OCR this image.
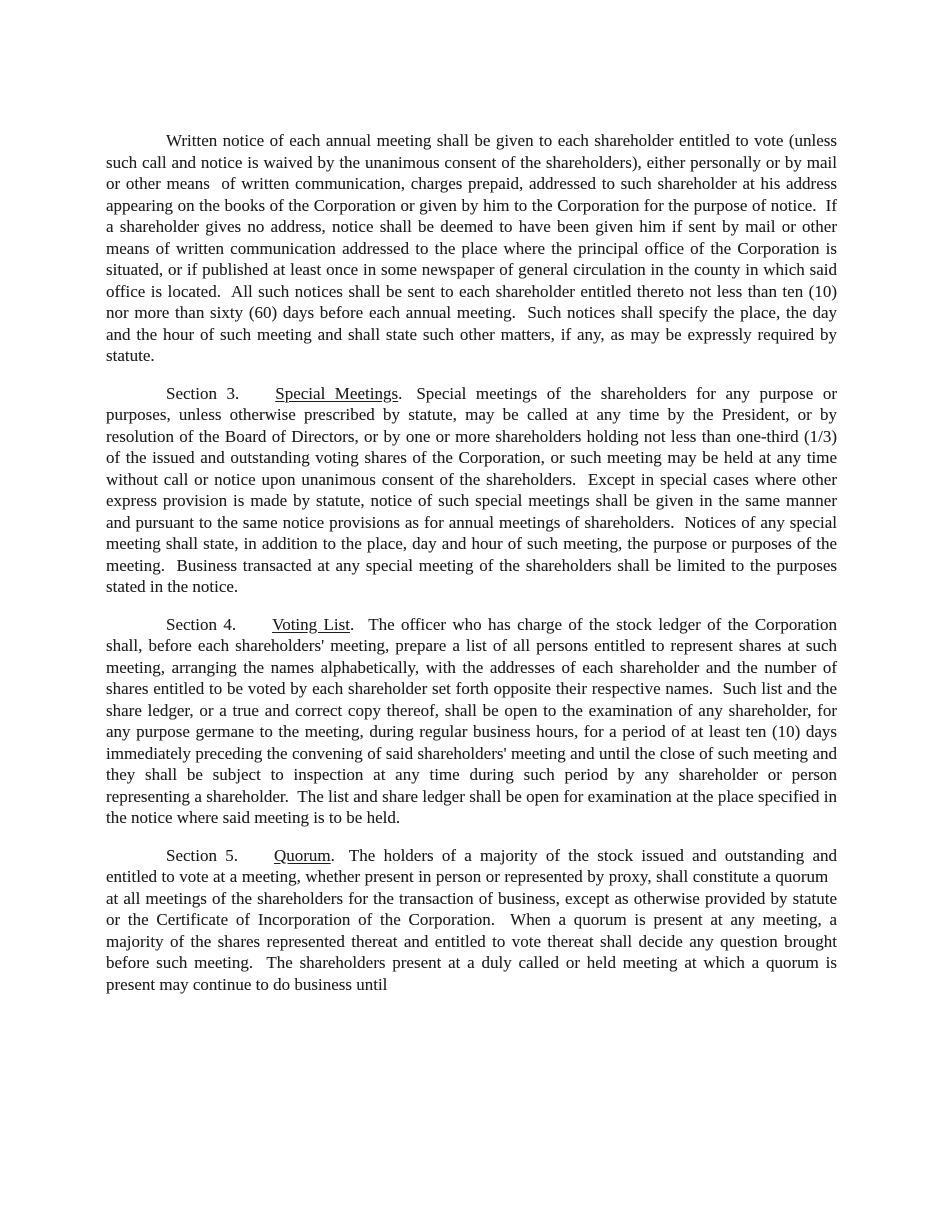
Written notice of each annual meeting shall be given to each shareholder entitled to vote (unless such call and notice is waived by the unanimous consent of the shareholders), either personally or by mail or other means  of written communication, charges prepaid, addressed to such shareholder at his address appearing on the books of the Corporation or given by him to the Corporation for the purpose of notice.  If a shareholder gives no address, notice shall be deemed to have been given him if sent by mail or other means of written communication addressed to the place where the principal office of the Corporation is situated, or if published at least once in some newspaper of general circulation in the county in which said office is located.  All such notices shall be sent to each shareholder entitled thereto not less than ten (10) nor more than sixty (60) days before each annual meeting.  Such notices shall specify the place, the day and the hour of such meeting and shall state such other matters, if any, as may be expressly required by statute.

Section 3. Special Meetings. Special meetings of the shareholders for any purpose or purposes, unless otherwise prescribed by statute, may be called at any time by the President, or by resolution of the Board of Directors, or by one or more shareholders holding not less than one-third (1/3) of the issued and outstanding voting shares of the Corporation, or such meeting may be held at any time without call or notice upon unanimous consent of the shareholders.  Except in special cases where other express provision is made by statute, notice of such special meetings shall be given in the same manner and pursuant to the same notice provisions as for annual meetings of shareholders.  Notices of any special meeting shall state, in addition to the place, day and hour of such meeting, the purpose or purposes of the meeting.  Business transacted at any special meeting of the shareholders shall be limited to the purposes stated in the notice.

Section 4. Voting List. The officer who has charge of the stock ledger of the Corporation shall, before each shareholders' meeting, prepare a list of all persons entitled to represent shares at such meeting, arranging the names alphabetically, with the addresses of each shareholder and the number of shares entitled to be voted by each shareholder set forth opposite their respective names.  Such list and the share ledger, or a true and correct copy thereof, shall be open to the examination of any shareholder, for any purpose germane to the meeting, during regular business hours, for a period of at least ten (10) days immediately preceding the convening of said shareholders' meeting and until the close of such meeting and they shall be subject to inspection at any time during such period by any shareholder or person representing a shareholder.  The list and share ledger shall be open for examination at the place specified in the notice where said meeting is to be held.

Section 5. Quorum. The holders of a majority of the stock issued and outstanding and entitled to vote at a meeting, whether present in person or represented by proxy, shall constitute a quorum   at all meetings of the shareholders for the transaction of business, except as otherwise provided by statute or the Certificate of Incorporation of the Corporation.  When a quorum is present at any meeting, a majority of the shares represented thereat and entitled to vote thereat shall decide any question brought before such meeting.  The shareholders present at a duly called or held meeting at which a quorum is present may continue to do business until
